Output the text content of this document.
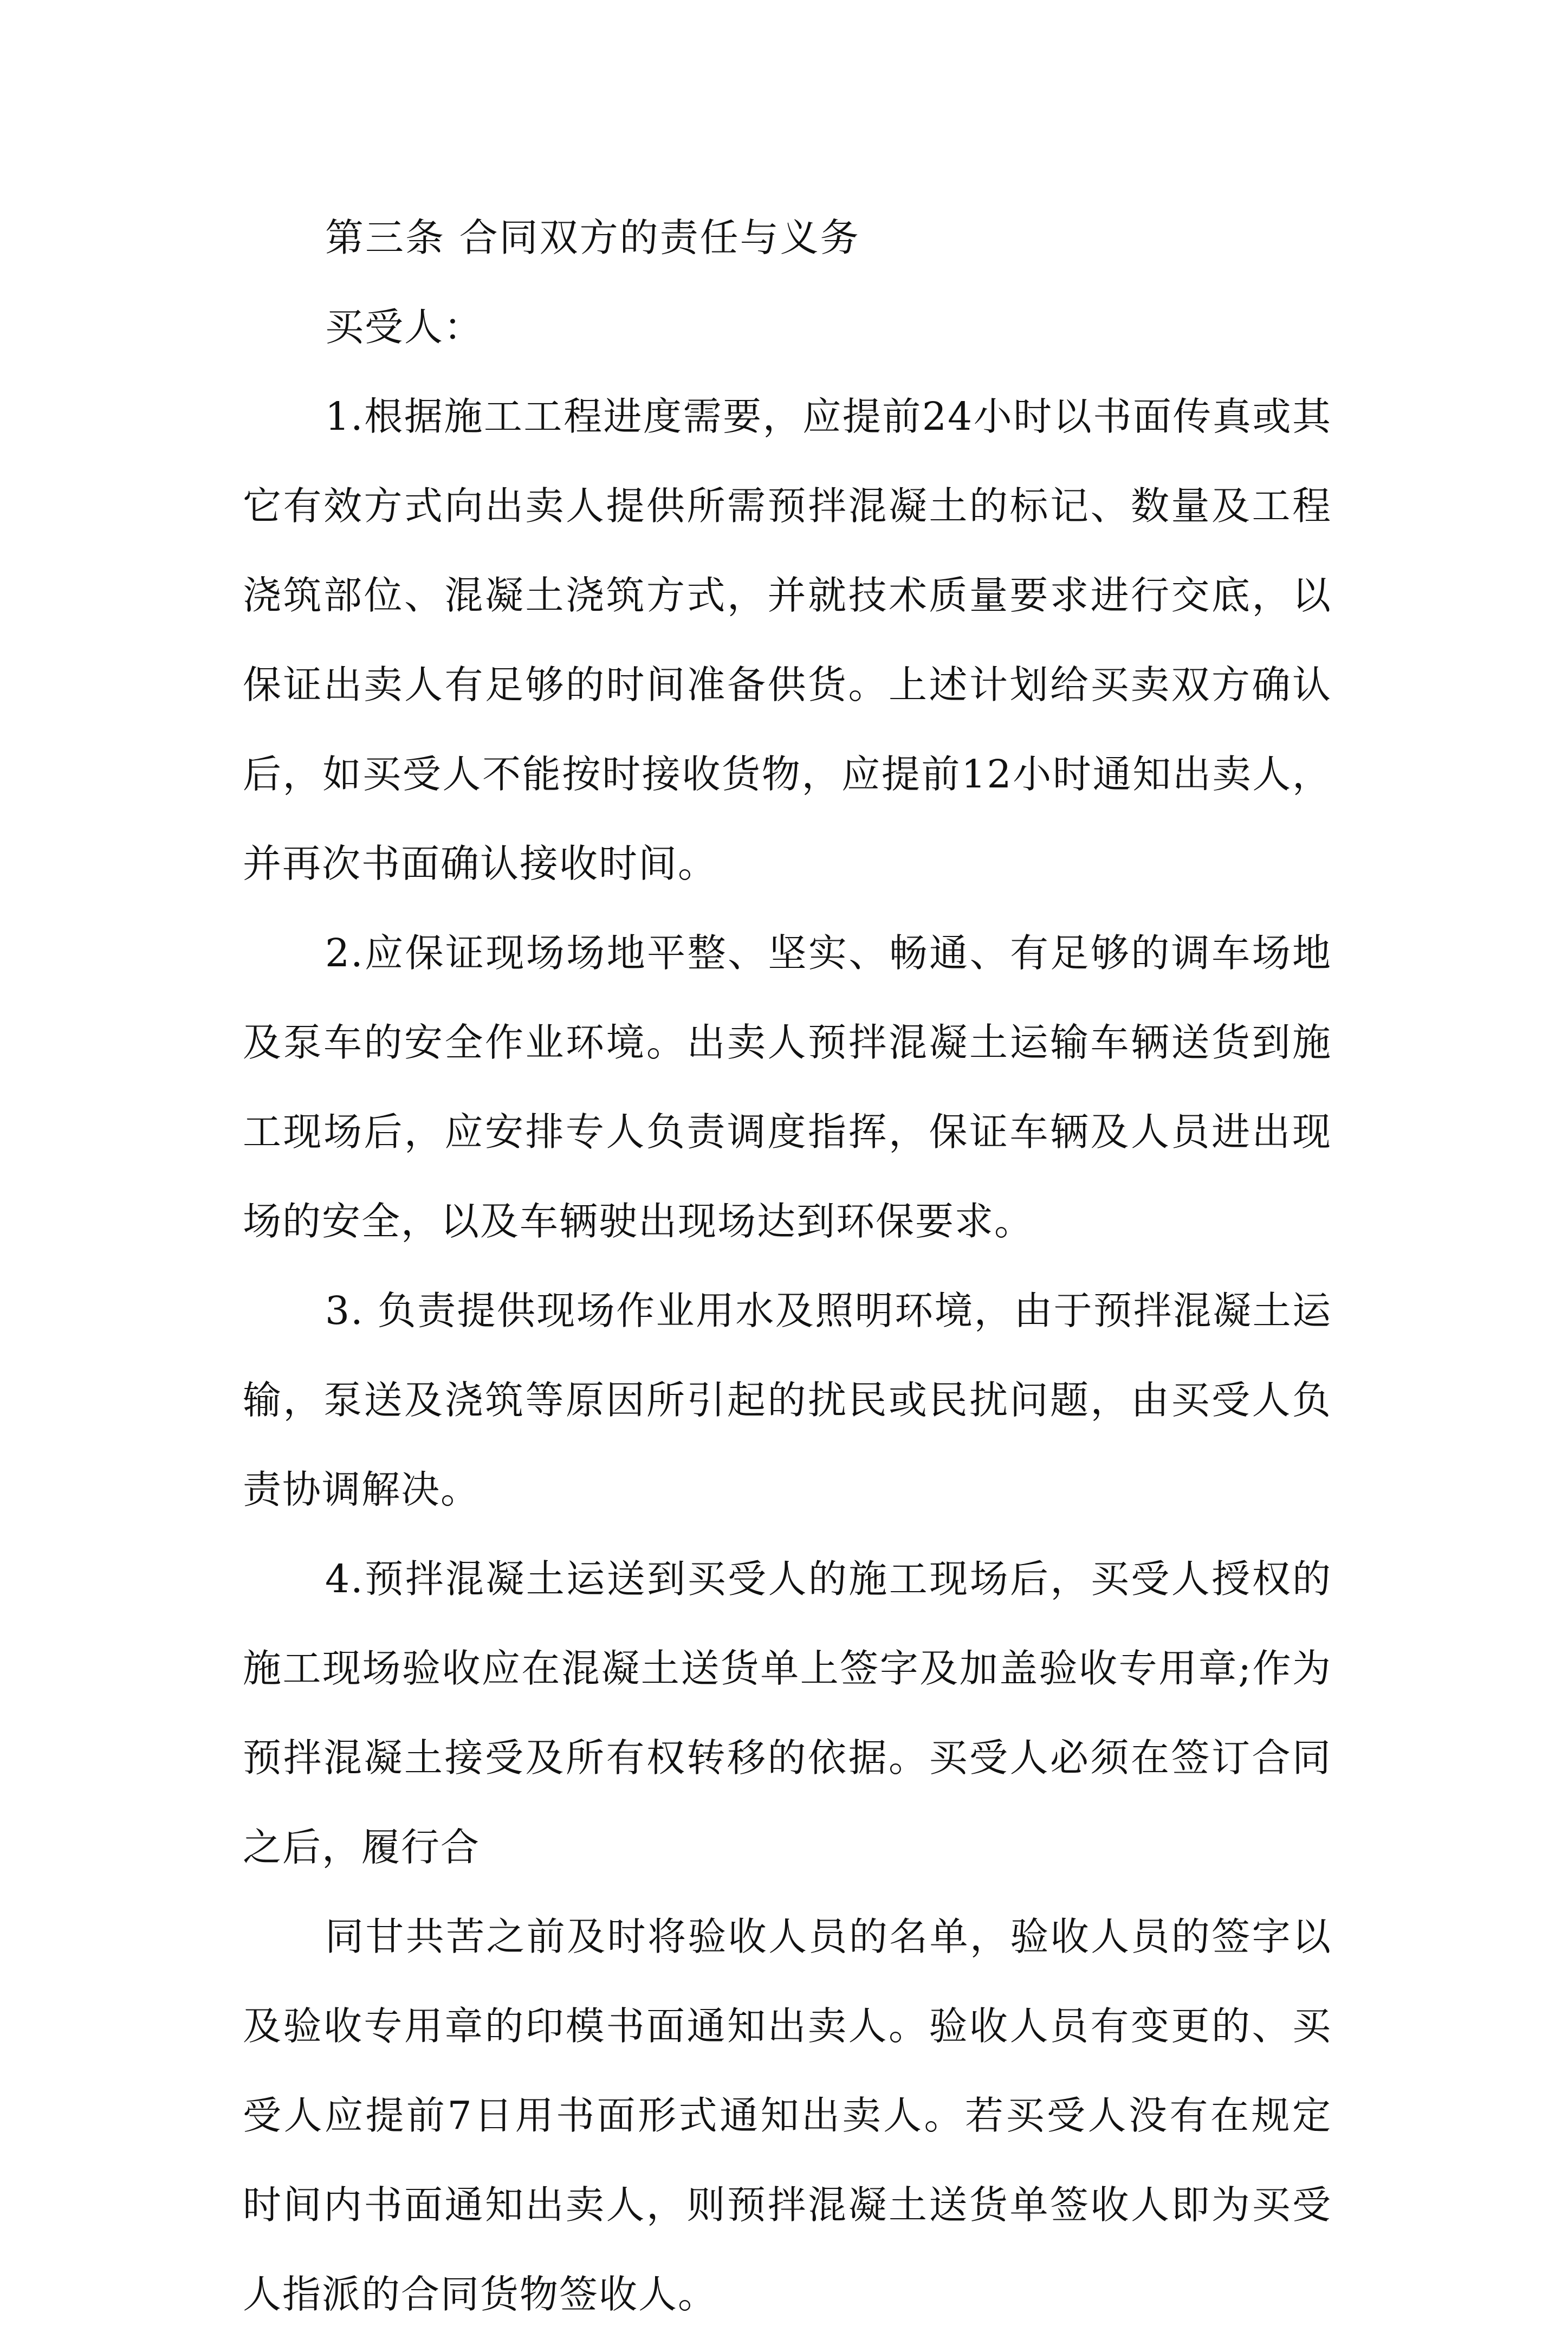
第三条 合同双方的责任与义务

买受人：

1.根据施工工程进度需要，应提前24小时以书面传真或其它有效方式向出卖人提供所需预拌混凝土的标记、数量及工程浇筑部位、混凝土浇筑方式，并就技术质量要求进行交底，以保证出卖人有足够的时间准备供货。上述计划给买卖双方确认后，如买受人不能按时接收货物，应提前12小时通知出卖人，并再次书面确认接收时间。

2.应保证现场场地平整、坚实、畅通、有足够的调车场地及泵车的安全作业环境。出卖人预拌混凝土运输车辆送货到施工现场后，应安排专人负责调度指挥，保证车辆及人员进出现场的安全，以及车辆驶出现场达到环保要求。

3. 负责提供现场作业用水及照明环境，由于预拌混凝土运输，泵送及浇筑等原因所引起的扰民或民扰问题，由买受人负责协调解决。

4.预拌混凝土运送到买受人的施工现场后，买受人授权的施工现场验收应在混凝土送货单上签字及加盖验收专用章;作为预拌混凝土接受及所有权转移的依据。买受人必须在签订合同之后，履行合

同甘共苦之前及时将验收人员的名单，验收人员的签字以及验收专用章的印模书面通知出卖人。验收人员有变更的、买受人应提前7日用书面形式通知出卖人。若买受人没有在规定时间内书面通知出卖人，则预拌混凝土送货单签收人即为买受人指派的合同货物签收人。
